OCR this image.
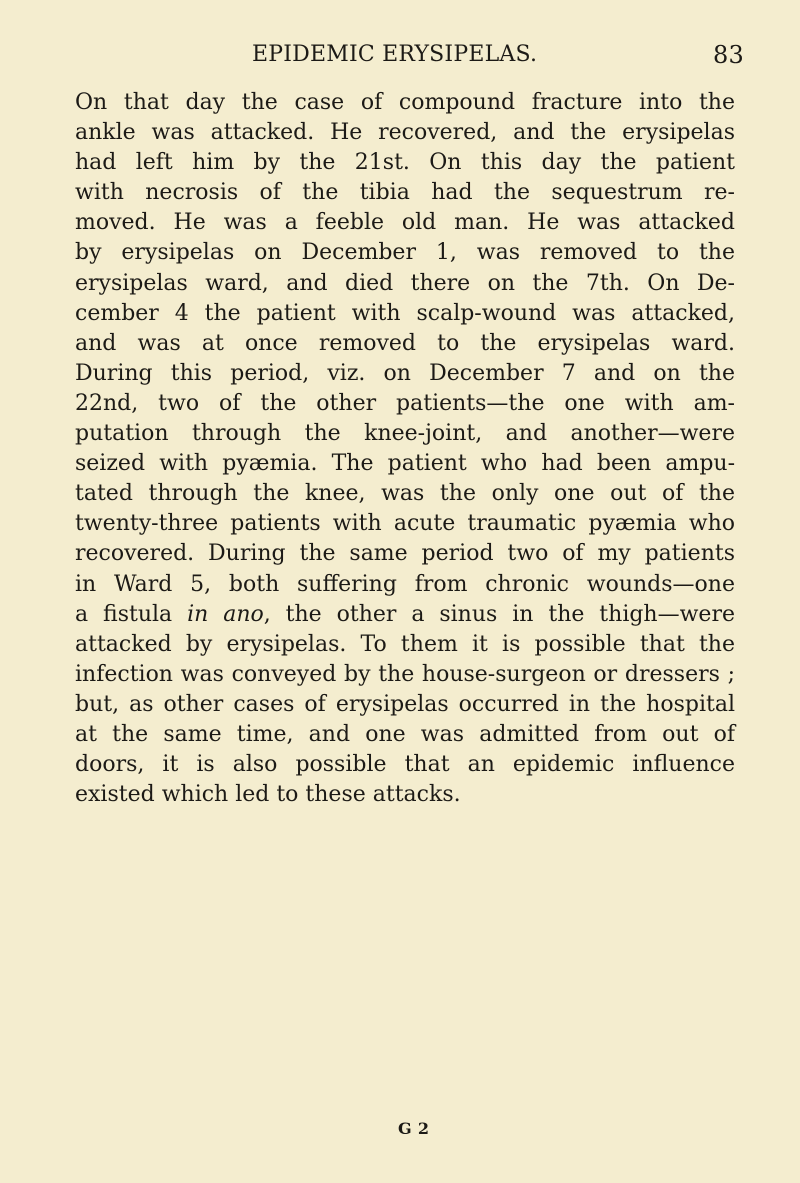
EPIDEMIC ERYSIPELAS.	83
On that day the case of compound fracture into the
ankle was attacked. He recovered, and the erysipelas
had left him by the 21st. On this day the patient
with necrosis of the tibia had the sequestrum re-
moved. He was a feeble old man. He was attacked
by erysipelas on December 1, was removed to the
erysipelas ward, and died there on the 7th. On De-
cember 4 the patient with scalp-wound was attacked,
and was at once removed to the erysipelas ward.
During this period, viz. on December 7 and on the
22nd, two of the other patients—the one with am-
putation through the knee-joint, and another—were
seized with pyæmia. The patient who had been ampu-
tated through the knee, was the only one out of the
twenty-three patients with acute traumatic pyæmia who
recovered. During the same period two of my patients
in Ward 5, both suffering from chronic wounds—one
a fistula in ano, the other a sinus in the thigh—were
attacked by erysipelas. To them it is possible that the
infection was conveyed by the house-surgeon or dressers ;
but, as other cases of erysipelas occurred in the hospital
at the same time, and one was admitted from out of
doors, it is also possible that an epidemic influence
existed which led to these attacks.
G 2
